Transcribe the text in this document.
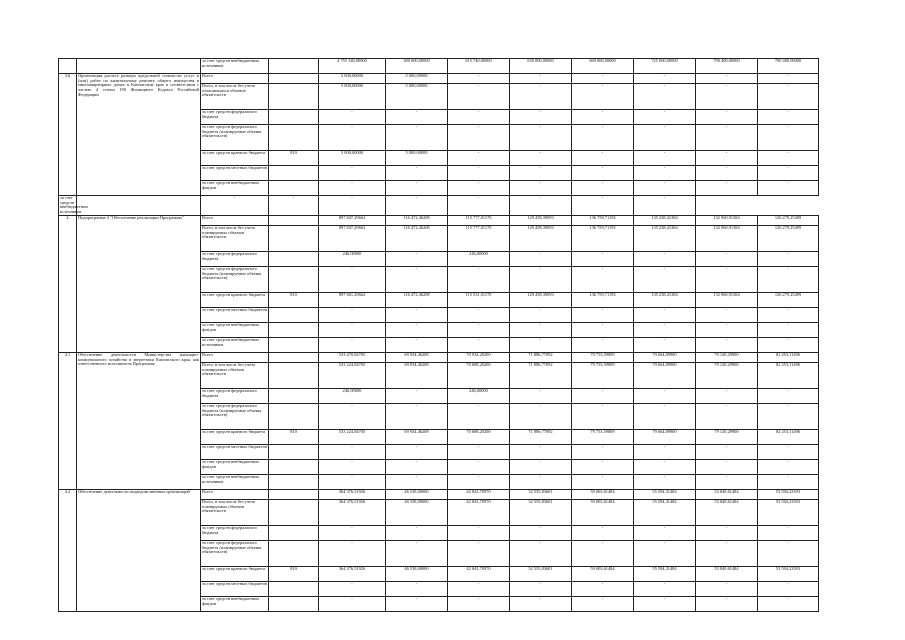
		за счет средств внебюджетных источников		4 755 140,00000	380 000,00000	615 740,00000	630 000,00000	660 000,00000	725 000,00000	790 400,00000	790 400,00000
3.6	Организация расчета размера предельной стоимости услуг и (или) работ по капитальному ремонту общего имущества в многоквартирных домах в Камчатском крае в соответствии с частью 4 статьи 190 Жилищного Кодекса Российской Федерации	Всего		5 000,00000	5 000,00000	-	-	-	-	-	-
		Всего, в том числе без учета отлагающихся объемов обязательств		5 000,00000	5 000,00000	-	-	-	-	-	-
		за счет средств федерального бюджета		-	-	-	-	-	-	-	-
		за счет средств федерального бюджета (планируемые объемы обязательств)		-	-	-	-	-	-	-	-
		за счет средств краевого бюджета	810	5 000,00000	5 000,00000	-	-	-	-	-	-
		за счет средств местных бюджетов		-	-	-	-	-	-	-	-
		за счет средств внебюджетных фондов		-	-	-	-	-	-	-	-
за счет средств внебюджетных источников		-	-	-	-	-	-	-	-		
4	Подпрограмма 4 "Обеспечение реализации Программы"	Всего		897 847,29662	116 472,46208	115 777,01170	129 458,39093	136 759,71193	135 238,41384	132 960,91384	126 279,25499
		Всего, в том числе без учета планируемых объемов обязательств		897 847,29662	116 472,46208	115 777,01170	129 458,39093	136 759,71193	135 238,41384	132 960,91384	126 279,25499
		за счет средств федерального бюджета		246,00000	-	246,00000	-	-	-	-	-
		за счет средств федерального бюджета (планируемые объемы обязательств)		-	-	-	-	-	-	-	-
		за счет средств краевого бюджета	810	897 601,29662	116 472,46208	115 531,01170	129 458,39093	136 759,71193	135 238,41384	132 960,91384	126 279,25499
		за счет средств местных бюджетов		-	-	-	-	-	-	-	-
		за счет средств внебюджетных фондов		-	-	-	-	-	-	-	-
		за счет средств внебюджетных источников		-	-	-	-	-	-	-	-
4.1	Обеспечение деятельности Министерства жилищно-коммунального хозяйства и энергетики Камчатского края, как ответственного исполнителя Программы	Всего		533 470,84705	69 934,46208	70 934,20200	71 886,77092	79 753,59809	79 664,09900	79 120,29900	82 253,11496
		Всего, в том числе без учета планируемых объемов обязательств		533 224,84705	69 934,46208	70 688,20200	71 886,77092	79 753,59809	79 664,09900	79 120,29900	82 253,11496
		за счет средств федерального бюджета		246,00000	-	246,00000	-	-	-	-	-
		за счет средств федерального бюджета (планируемые объемы обязательств)		-	-	-	-	-	-	-	-
		за счет средств краевого бюджета	810	533 224,84705	69 934,46208	70 688,20200	71 886,77092	79 753,59809	79 664,09900	79 120,29900	82 253,11496
		за счет средств местных бюджетов		-	-	-	-	-	-	-	-
		за счет средств внебюджетных фондов		-	-	-	-	-	-	-	-
		за счет средств внебюджетных источников		-	-	-	-	-	-	-	-
4.2	Обеспечение деятельности подведомственных организаций	Всего		364 376,51926	46 538,00000	42 843,70970	32 555,83601	59 003,61484	55 594,31484	53 840,61484	53 594,23593
		Всего, в том числе без учета планируемых объемов обязательств		364 376,51926	46 538,00000	42 843,70970	32 555,83601	59 003,61484	55 594,31484	53 840,61484	53 594,23593
		за счет средств федерального бюджета		-	-	-	-	-	-	-	-
		за счет средств федерального бюджета (планируемые объемы обязательств)		-	-	-	-	-	-	-	-
		за счет средств краевого бюджета	810	364 376,51926	46 538,00000	42 843,70970	32 555,83601	59 003,61484	55 594,31484	53 840,61484	53 594,23593
		за счет средств местных бюджетов		-	-	-	-	-	-	-	-
		за счет средств внебюджетных фондов		-	-	-	-	-	-	-	-
